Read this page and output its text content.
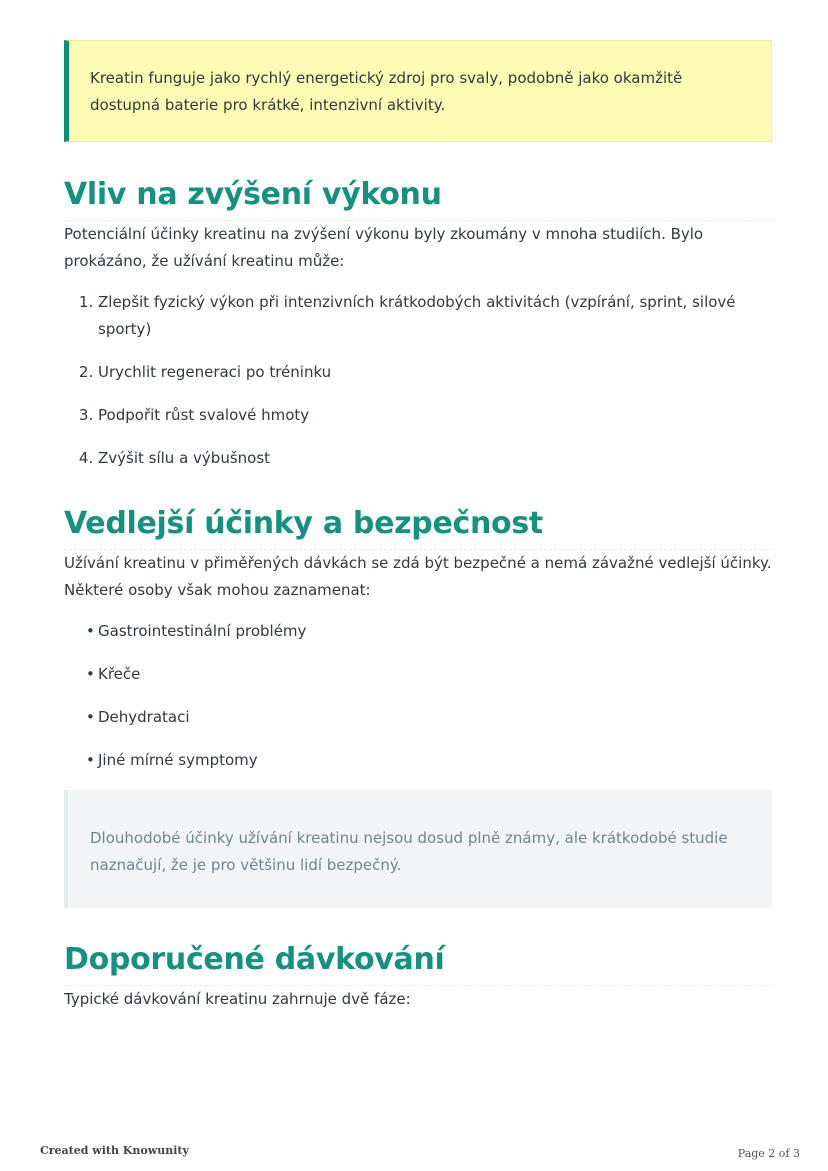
Kreatin funguje jako rychlý energetický zdroj pro svaly, podobně jako okamžitě dostupná baterie pro krátké, intenzivní aktivity.
Vliv na zvýšení výkonu

Potenciální účinky kreatinu na zvýšení výkonu byly zkoumány v mnoha studiích. Bylo prokázáno, že užívání kreatinu může:

1. Zlepšit fyzický výkon při intenzivních krátkodobých aktivitách (vzpírání, sprint, silové sporty)
2. Urychlit regeneraci po tréninku
3. Podpořit růst svalové hmoty
4. Zvýšit sílu a výbušnost
Vedlejší účinky a bezpečnost

Užívání kreatinu v přiměřených dávkách se zdá být bezpečné a nemá závažné vedlejší účinky. Některé osoby však mohou zaznamenat:

• Gastrointestinální problémy
• Křeče
• Dehydrataci
• Jiné mírné symptomy
Dlouhodobé účinky užívání kreatinu nejsou dosud plně známy, ale krátkodobé studie naznačují, že je pro většinu lidí bezpečný.
Doporučené dávkování

Typické dávkování kreatinu zahrnuje dvě fáze:

Created with Knowunity	Page 2 of 3
